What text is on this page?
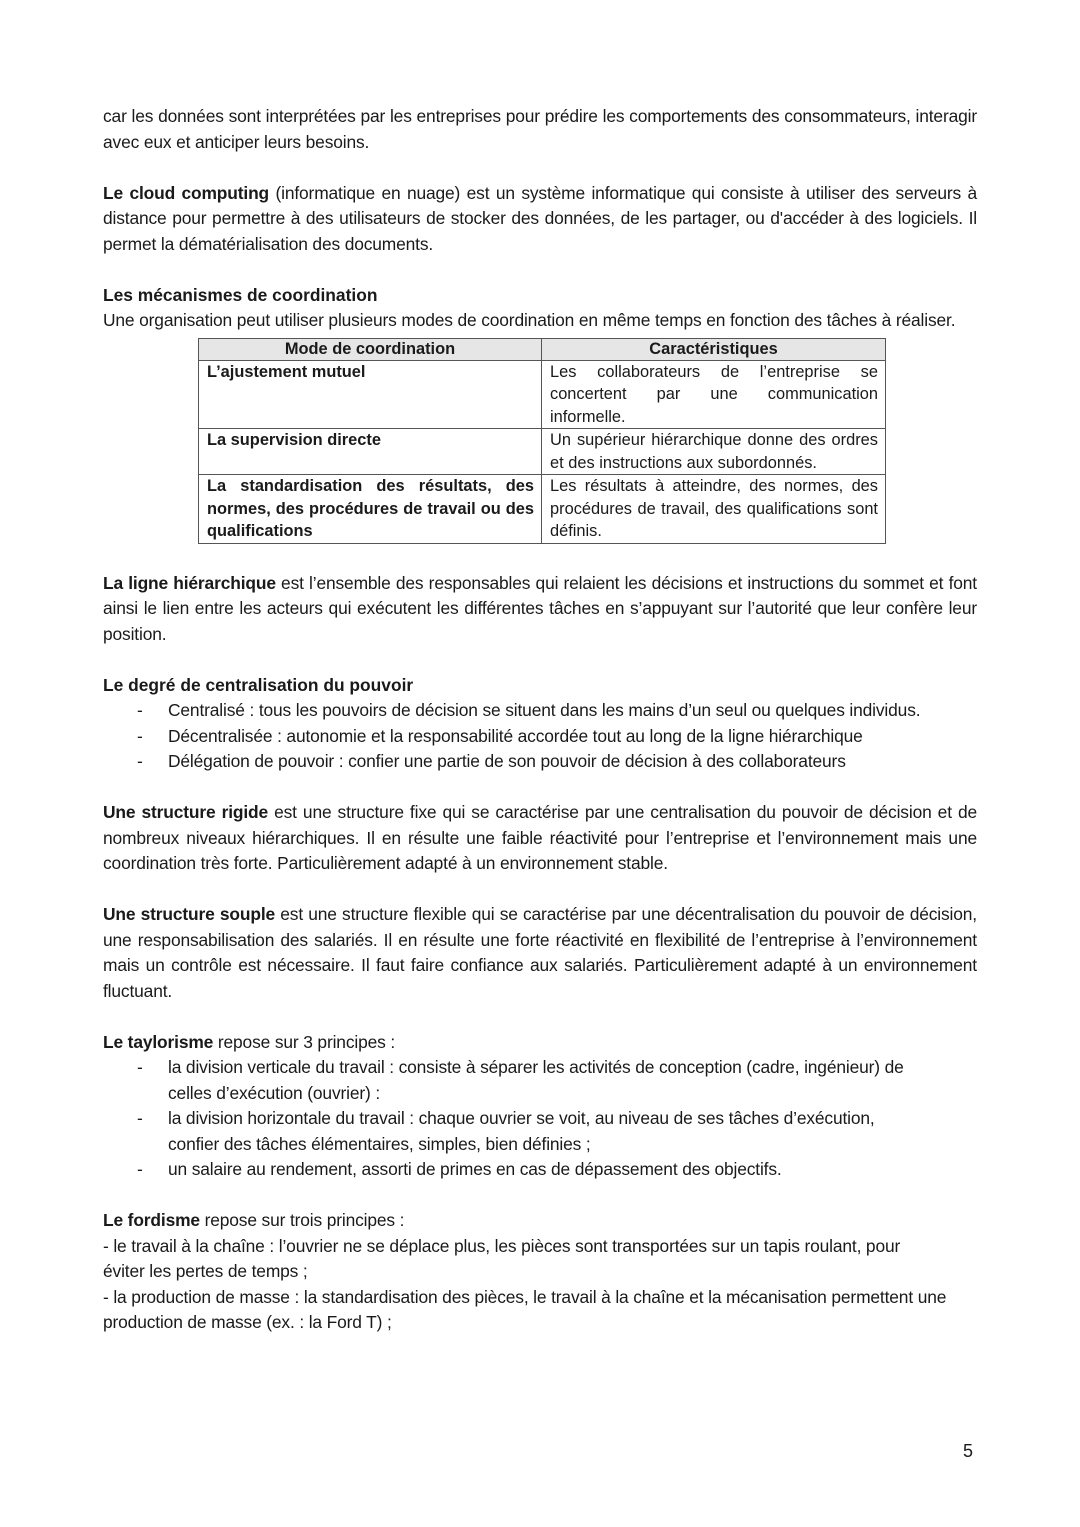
car les données sont interprétées par les entreprises pour prédire les comportements des consommateurs, interagir avec eux et anticiper leurs besoins.

Le cloud computing (informatique en nuage) est un système informatique qui consiste à utiliser des serveurs à distance pour permettre à des utilisateurs de stocker des données, de les partager, ou d'accéder à des logiciels. Il permet la dématérialisation des documents.

Les mécanismes de coordination

Une organisation peut utiliser plusieurs modes de coordination en même temps en fonction des tâches à réaliser.

Mode de coordination	Caractéristiques
L’ajustement mutuel	Les collaborateurs de l’entreprise se concertent par une communication informelle.
La supervision directe	Un supérieur hiérarchique donne des ordres et des instructions aux subordonnés.
La standardisation des résultats, des normes, des procédures de travail ou des qualifications	Les résultats à atteindre, des normes, des procédures de travail, des qualifications sont définis.

La ligne hiérarchique est l’ensemble des responsables qui relaient les décisions et instructions du sommet et font ainsi le lien entre les acteurs qui exécutent les différentes tâches en s’appuyant sur l’autorité que leur confère leur position.

Le degré de centralisation du pouvoir

- Centralisé : tous les pouvoirs de décision se situent dans les mains d’un seul ou quelques individus.
- Décentralisée : autonomie et la responsabilité accordée tout au long de la ligne hiérarchique
- Délégation de pouvoir : confier une partie de son pouvoir de décision à des collaborateurs

Une structure rigide est une structure fixe qui se caractérise par une centralisation du pouvoir de décision et de nombreux niveaux hiérarchiques. Il en résulte une faible réactivité pour l’entreprise et l’environnement mais une coordination très forte. Particulièrement adapté à un environnement stable.

Une structure souple est une structure flexible qui se caractérise par une décentralisation du pouvoir de décision, une responsabilisation des salariés. Il en résulte une forte réactivité en flexibilité de l’entreprise à l’environnement mais un contrôle est nécessaire. Il faut faire confiance aux salariés. Particulièrement adapté à un environnement fluctuant.

Le taylorisme repose sur 3 principes :

- la division verticale du travail : consiste à séparer les activités de conception (cadre, ingénieur) de celles d’exécution (ouvrier) :
- la division horizontale du travail : chaque ouvrier se voit, au niveau de ses tâches d’exécution, confier des tâches élémentaires, simples, bien définies ;
- un salaire au rendement, assorti de primes en cas de dépassement des objectifs.

Le fordisme repose sur trois principes :

- le travail à la chaîne : l’ouvrier ne se déplace plus, les pièces sont transportées sur un tapis roulant, pour éviter les pertes de temps ;

- la production de masse : la standardisation des pièces, le travail à la chaîne et la mécanisation permettent une production de masse (ex. : la Ford T) ;

5
